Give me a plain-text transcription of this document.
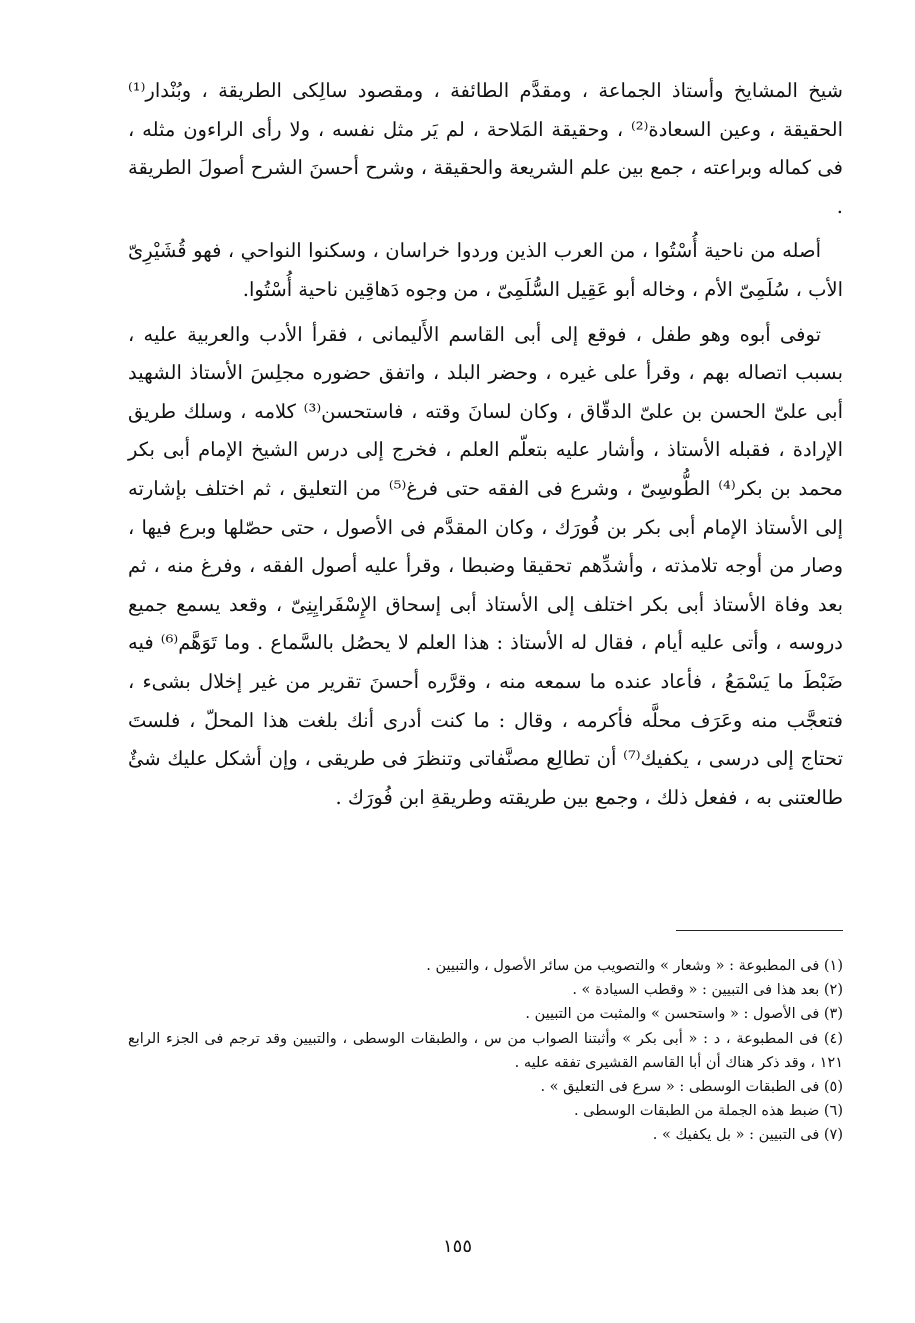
شيخ المشايخ وأستاذ الجماعة ، ومقدَّم الطائفة ، ومقصود سالِكى الطريقة ، وبُنْدار⁽¹⁾ الحقيقة ، وعين السعادة⁽²⁾ ، وحقيقة المَلاحة ، لم يَر مثل نفسه ، ولا رأى الراءون مثله ، فى كماله وبراعته ، جمع بين علم الشريعة والحقيقة ، وشرح أحسنَ الشرح أصولَ الطريقة .

أصله من ناحية أُسْتُوا ، من العرب الذين وردوا خراسان ، وسكنوا النواحي ، فهو قُشَيْرِىّ الأب ، سُلَمِىّ الأم ، وخاله أبو عَقِيل السُّلَمِىّ ، من وجوه دَهاقِين ناحية أُسْتُوا.

توفى أبوه وهو طفل ، فوقع إلى أبى القاسم الأَليمانى ، فقرأ الأدب والعربية عليه ، بسبب اتصاله بهم ، وقرأ على غيره ، وحضر البلد ، واتفق حضوره مجلِسَ الأستاذ الشهيد أبى علىّ الحسن بن علىّ الدقّاق ، وكان لسانَ وقته ، فاستحسن⁽³⁾ كلامه ، وسلك طريق الإرادة ، فقبله الأستاذ ، وأشار عليه بتعلّم العلم ، فخرج إلى درس الشيخ الإمام أبى بكر محمد بن بكر⁽⁴⁾ الطُّوسِىّ ، وشرع فى الفقه حتى فرغ⁽⁵⁾ من التعليق ، ثم اختلف بإشارته إلى الأستاذ الإمام أبى بكر بن فُورَك ، وكان المقدَّم فى الأصول ، حتى حصّلها وبرع فيها ، وصار من أوجه تلامذته ، وأشدِّهم تحقيقا وضبطا ، وقرأ عليه أصول الفقه ، وفرغ منه ، ثم بعد وفاة الأستاذ أبى بكر اختلف إلى الأستاذ أبى إسحاق الإِسْفَرايِنِىّ ، وقعد يسمع جميع دروسه ، وأتى عليه أيام ، فقال له الأستاذ : هذا العلم لا يحصُل بالسَّماع . وما تَوَهَّم⁽⁶⁾ فيه ضَبْطَ ما يَسْمَعُ ، فأعاد عنده ما سمعه منه ، وقرَّره أحسنَ تقرير من غير إخلال بشىء ، فتعجَّب منه وعَرَف محلَّه فأكرمه ، وقال : ما كنت أدرى أنك بلغت هذا المحلّ ، فلستَ تحتاج إلى درسى ، يكفيك⁽⁷⁾ أن تطالِع مصنَّفاتى وتنظرَ فى طريقى ، وإن أشكل عليك شئٌ طالعتنى به ، ففعل ذلك ، وجمع بين طريقته وطريقةِ ابن فُورَك .

(١) فى المطبوعة : « وشعار » والتصويب من سائر الأصول ، والتبيين .

(٢) بعد هذا فى التبيين : « وقطب السيادة » .

(٣) فى الأصول : « واستحسن » والمثبت من التبيين .

(٤) فى المطبوعة ، د : « أبى بكر » وأثبتنا الصواب من س ، والطبقات الوسطى ، والتبيين وقد ترجم فى الجزء الرابع ١٢١ ، وقد ذكر هناك أن أبا القاسم القشيرى تفقه عليه .

(٥) فى الطبقات الوسطى : « سرع فى التعليق » .

(٦) ضبط هذه الجملة من الطبقات الوسطى .

(٧) فى التبيين : « بل يكفيك » .

١٥٥
